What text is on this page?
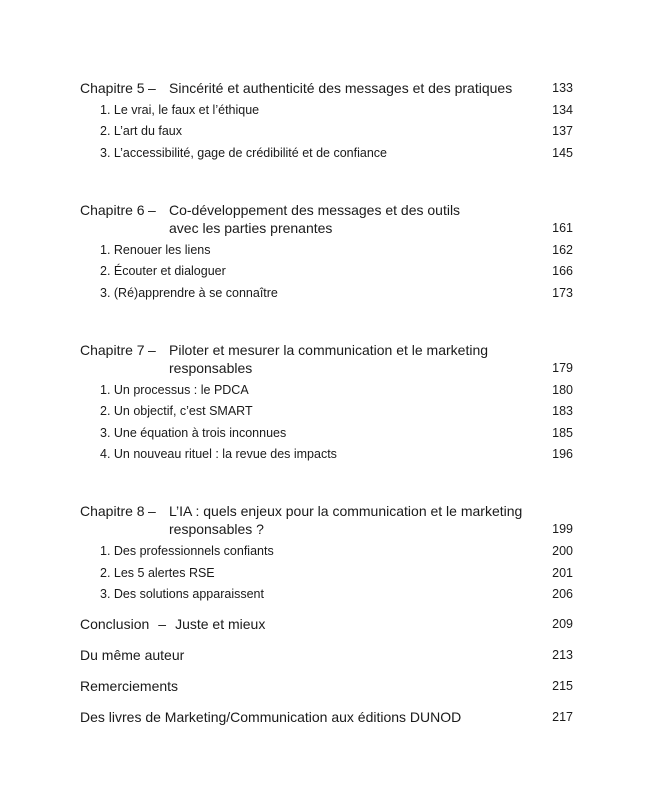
Chapitre 5 – Sincérité et authenticité des messages et des pratiques	133
1. Le vrai, le faux et l’éthique	134
2. L’art du faux	137
3. L’accessibilité, gage de crédibilité et de confiance	145
Chapitre 6 – Co-développement des messages et des outils
avec les parties prenantes	161
1. Renouer les liens	162
2. Écouter et dialoguer	166
3. (Ré)apprendre à se connaître	173
Chapitre 7 – Piloter et mesurer la communication et le marketing
responsables	179
1. Un processus : le PDCA	180
2. Un objectif, c’est SMART	183
3. Une équation à trois inconnues	185
4. Un nouveau rituel : la revue des impacts	196
Chapitre 8 – L’IA : quels enjeux pour la communication et le marketing
responsables ?	199
1. Des professionnels confiants	200
2. Les 5 alertes RSE	201
3. Des solutions apparaissent	206
Conclusion – Juste et mieux	209
Du même auteur	213
Remerciements	215
Des livres de Marketing/Communication aux éditions DUNOD	217
